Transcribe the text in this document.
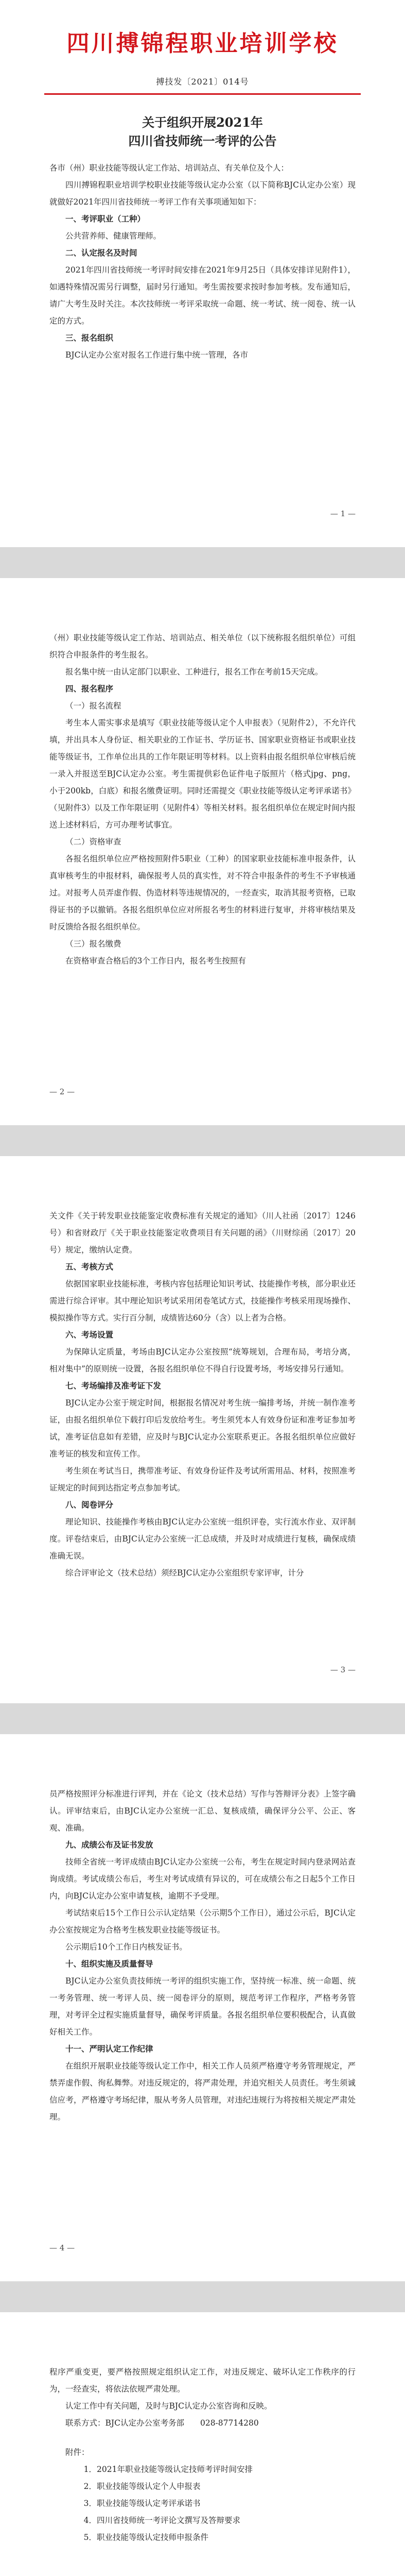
四川搏锦程职业培训学校
搏技发〔2021〕014号
关于组织开展2021年
四川省技师统一考评的公告

各市（州）职业技能等级认定工作站、培训站点、有关单位及个人：

四川搏锦程职业培训学校职业技能等级认定办公室（以下简称BJC认定办公室）现就做好2021年四川省技师统一考评工作有关事项通知如下：

一、考评职业（工种）

公共营养师、健康管理师。

二、认定报名及时间

2021年四川省技师统一考评时间安排在2021年9月25日（具体安排详见附件1），如遇特殊情况需另行调整，届时另行通知。考生需按要求按时参加考核。发布通知后，请广大考生及时关注。本次技师统一考评采取统一命题、统一考试、统一阅卷、统一认定的方式。

三、报名组织

BJC认定办公室对报名工作进行集中统一管理，各市

— 1 —

（州）职业技能等级认定工作站、培训站点、相关单位（以下统称报名组织单位）可组织符合申报条件的考生报名。

报名集中统一由认定部门以职业、工种进行，报名工作在考前15天完成。

四、报名程序

（一）报名流程

考生本人需实事求是填写《职业技能等级认定个人申报表》（见附件2），不允许代填，并出具本人身份证、相关职业的工作证书、学历证书、国家职业资格证书或职业技能等级证书，工作单位出具的工作年限证明等材料。以上资料由报名组织单位审核后统一录入并报送至BJC认定办公室。考生需提供彩色证件电子版照片（格式jpg、png，小于200kb，白底）和报名缴费证明。同时还需提交《职业技能等级认定考评承诺书》（见附件3）以及工作年限证明（见附件4）等相关材料。报名组织单位在规定时间内报送上述材料后，方可办理考试事宜。

（二）资格审查

各报名组织单位应严格按照附件5职业（工种）的国家职业技能标准申报条件，认真审核考生的申报材料，确保报考人员的真实性，对不符合申报条件的考生不予审核通过。对报考人员弄虚作假、伪造材料等违规情况的，一经查实，取消其报考资格，已取得证书的予以撤销。各报名组织单位应对所报名考生的材料进行复审，并将审核结果及时反馈给各报名组织单位。

（三）报名缴费

在资格审查合格后的3个工作日内，报名考生按照有

— 2 —

关文件《关于转发职业技能鉴定收费标准有关规定的通知》（川人社函〔2017〕1246号）和省财政厅《关于职业技能鉴定收费项目有关问题的函》（川财综函〔2017〕20号）规定，缴纳认定费。

五、考核方式

依据国家职业技能标准，考核内容包括理论知识考试、技能操作考核，部分职业还需进行综合评审。其中理论知识考试采用闭卷笔试方式，技能操作考核采用现场操作、模拟操作等方式。实行百分制，成绩皆达60分（含）以上者为合格。

六、考场设置

为保障认定质量，考场由BJC认定办公室按照“统筹规划，合理布局，考培分离，相对集中”的原则统一设置，各报名组织单位不得自行设置考场，考场安排另行通知。

七、考场编排及准考证下发

BJC认定办公室于规定时间，根据报名情况对考生统一编排考场，并统一制作准考证，由报名组织单位下载打印后发放给考生。考生须凭本人有效身份证和准考证参加考试，准考证信息如有差错，应及时与BJC认定办公室联系更正。各报名组织单位应做好准考证的核发和宣传工作。

考生须在考试当日，携带准考证、有效身份证件及考试所需用品、材料，按照准考证规定的时间到达指定考点参加考试。

八、阅卷评分

理论知识、技能操作考核由BJC认定办公室统一组织评卷，实行流水作业、双评制度。评卷结束后，由BJC认定办公室统一汇总成绩，并及时对成绩进行复核，确保成绩准确无误。

综合评审论文（技术总结）须经BJC认定办公室组织专家评审，计分

— 3 —

员严格按照评分标准进行评判，并在《论文（技术总结）写作与答辩评分表》上签字确认。评审结束后，由BJC认定办公室统一汇总、复核成绩，确保评分公平、公正、客观、准确。

九、成绩公布及证书发放

技师全省统一考评成绩由BJC认定办公室统一公布，考生在规定时间内登录网站查询成绩。考试成绩公布后，考生对考试成绩有异议的，可在成绩公布之日起5个工作日内，向BJC认定办公室申请复核，逾期不予受理。

考试结束后15个工作日公示认定结果（公示期5个工作日），通过公示后，BJC认定办公室按规定为合格考生核发职业技能等级证书。

公示期后10个工作日内核发证书。

十、组织实施及质量督导

BJC认定办公室负责技师统一考评的组织实施工作，坚持统一标准、统一命题、统一考务管理、统一考评人员、统一阅卷评分的原则，规范考评工作程序，严格考务管理，对考评全过程实施质量督导，确保考评质量。各报名组织单位要积极配合，认真做好相关工作。

十一、严明认定工作纪律

在组织开展职业技能等级认定工作中，相关工作人员须严格遵守考务管理规定，严禁弄虚作假、徇私舞弊。对违反规定的，将严肃处理，并追究相关人员责任。考生须诚信应考，严格遵守考场纪律，服从考务人员管理，对违纪违规行为将按相关规定严肃处理。

— 4 —

程序严重变更，要严格按照规定组织认定工作，对违反规定、破坏认定工作秩序的行为，一经查实，将依法依规严肃处理。

认定工作中有关问题，及时与BJC认定办公室咨询和反映。

联系方式：BJC认定办公室考务部　　028-87714280

附件：

1．2021年职业技能等级认定技师考评时间安排

2．职业技能等级认定个人申报表

3．职业技能等级认定考评承诺书

4．四川省技师统一考评论文撰写及答辩要求

5．职业技能等级认定技师申报条件
